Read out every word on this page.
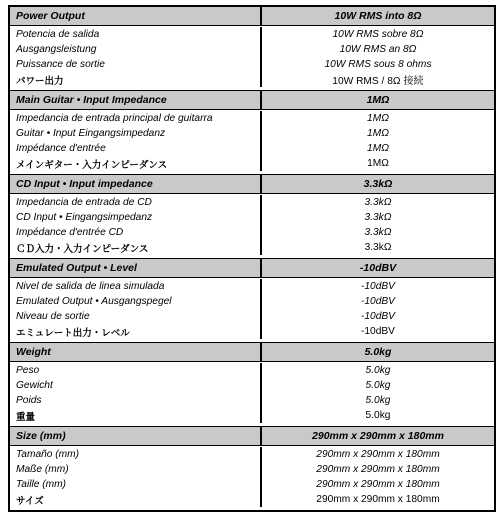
Power Output	10W RMS into 8Ω
Potencia de salida	10W RMS sobre 8Ω
Ausgangsleistung	10W RMS an 8Ω
Puissance de sortie	10W RMS sous 8 ohms
パワー出力	10W RMS / 8Ω 接続
Main Guitar • Input Impedance	1MΩ
Impedancia de entrada principal de guitarra	1MΩ
Guitar • Input Eingangsimpedanz	1MΩ
Impédance d'entrée	1MΩ
メインギター・入力インピーダンス	1MΩ
CD Input • Input impedance	3.3kΩ
Impedancia de entrada de CD	3.3kΩ
CD Input • Eingangsimpedanz	3.3kΩ
Impédance d'entrée CD	3.3kΩ
ＣＤ入力・入力インピーダンス	3.3kΩ
Emulated Output • Level	-10dBV
Nivel de salida de linea simulada	-10dBV
Emulated Output • Ausgangspegel	-10dBV
Niveau de sortie	-10dBV
エミュレート出力・レベル	-10dBV
Weight	5.0kg
Peso	5.0kg
Gewicht	5.0kg
Poids	5.0kg
重量	5.0kg
Size (mm)	290mm x 290mm x 180mm
Tamaño (mm)	290mm x 290mm x 180mm
Maße (mm)	290mm x 290mm x 180mm
Taille (mm)	290mm x 290mm x 180mm
サイズ	290mm x 290mm x 180mm
